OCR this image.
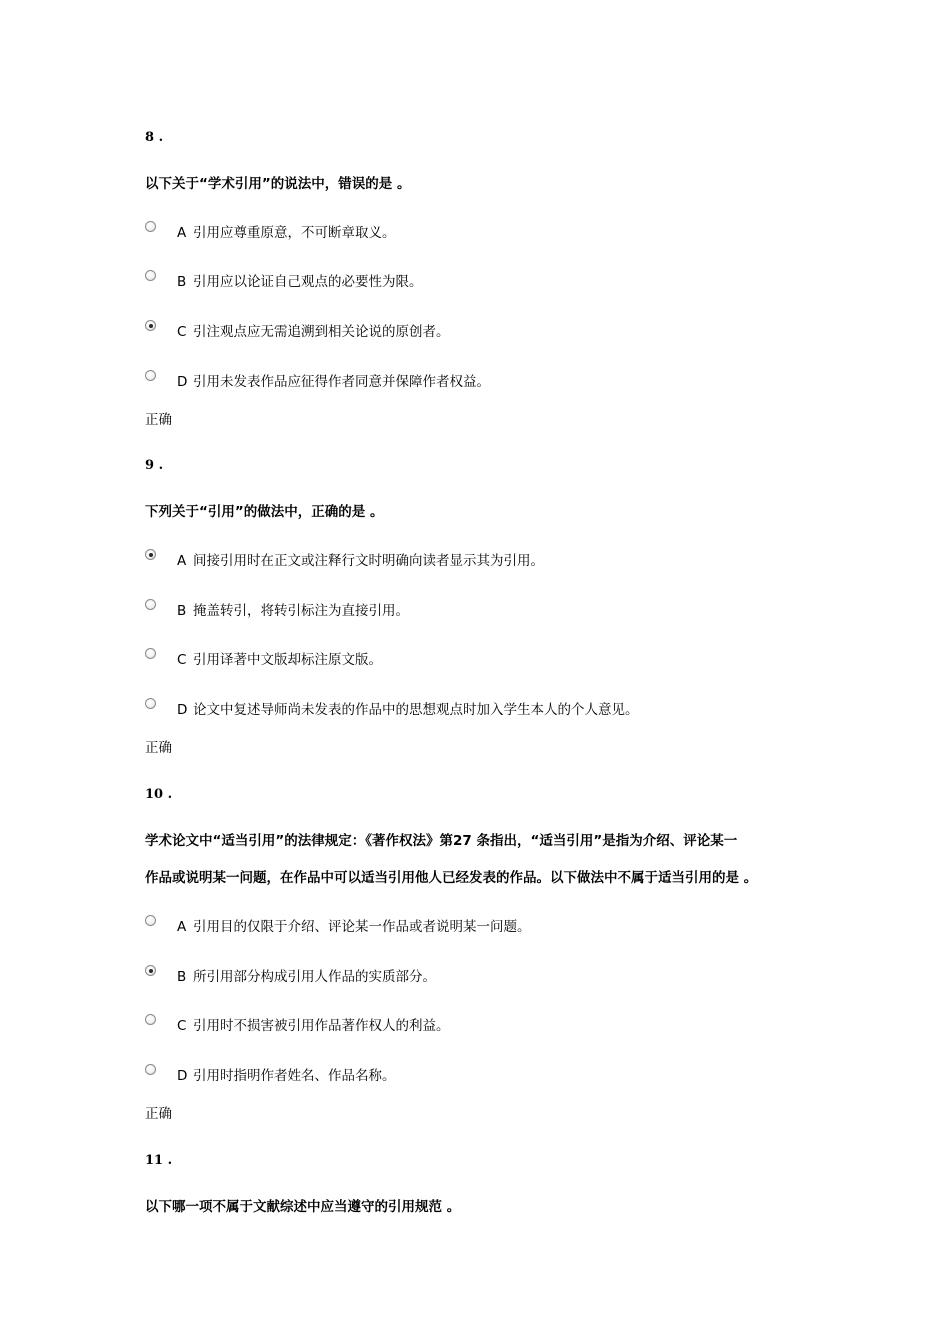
8 .
以下关于“学术引用”的说法中，错误的是 。
A 引用应尊重原意，不可断章取义。
B 引用应以论证自己观点的必要性为限。
C 引注观点应无需追溯到相关论说的原创者。
D 引用未发表作品应征得作者同意并保障作者权益。
正确
9 .
下列关于“引用”的做法中，正确的是 。
A 间接引用时在正文或注释行文时明确向读者显示其为引用。
B 掩盖转引，将转引标注为直接引用。
C 引用译著中文版却标注原文版。
D 论文中复述导师尚未发表的作品中的思想观点时加入学生本人的个人意见。
正确
10 .
学术论文中“适当引用”的法律规定：《著作权法》第27 条指出，“适当引用”是指为介绍、评论某一
作品或说明某一问题，在作品中可以适当引用他人已经发表的作品。以下做法中不属于适当引用的是 。
A 引用目的仅限于介绍、评论某一作品或者说明某一问题。
B 所引用部分构成引用人作品的实质部分。
C 引用时不损害被引用作品著作权人的利益。
D 引用时指明作者姓名、作品名称。
正确
11 .
以下哪一项不属于文献综述中应当遵守的引用规范 。
